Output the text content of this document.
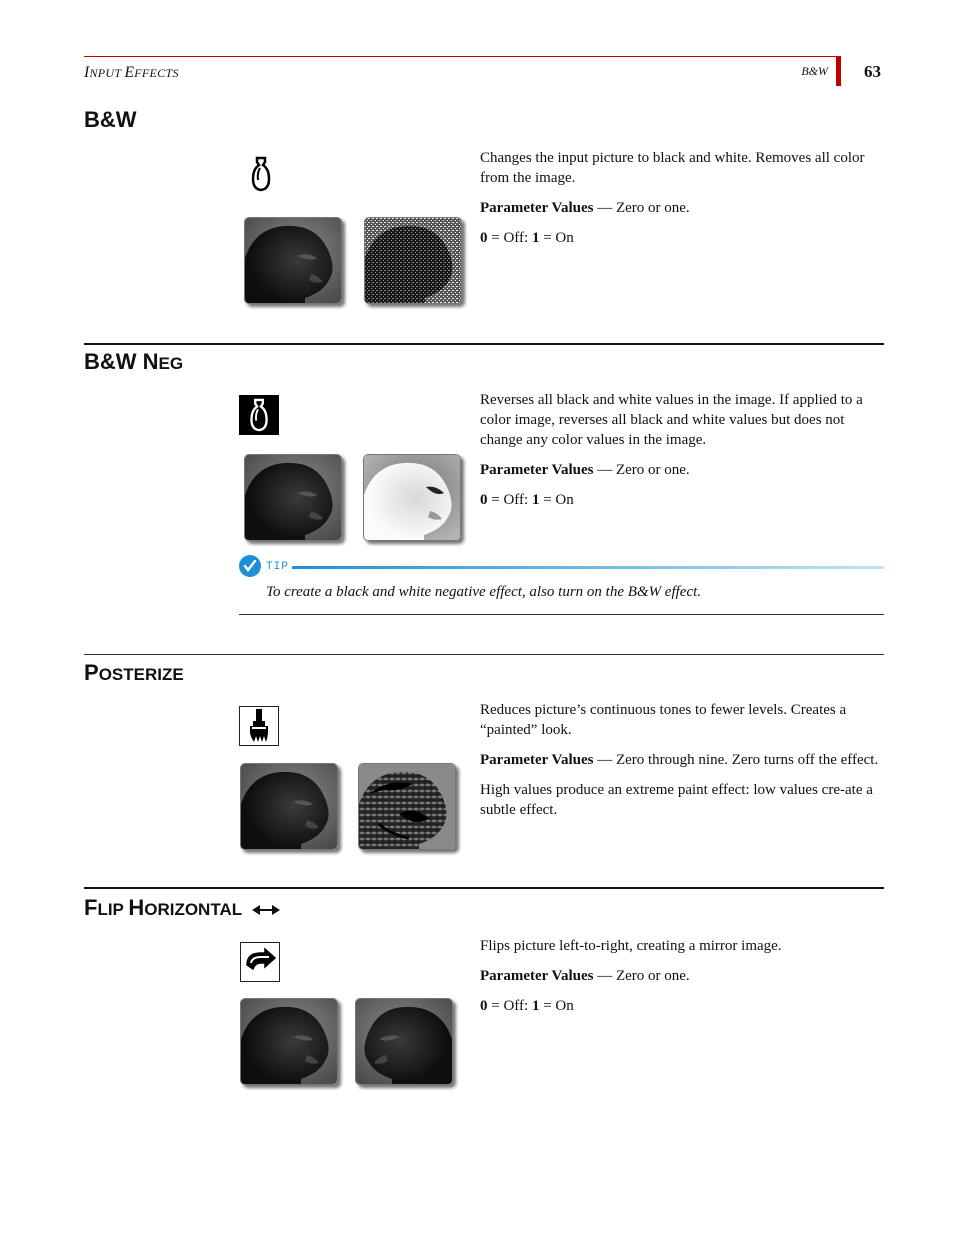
INPUT EFFECTS	B&W 63
B&W

Changes the input picture to black and white. Removes all color from the image.

Parameter Values — Zero or one.

0 = Off: 1 = On

B&W NEG

Reverses all black and white values in the image. If applied to a color image, reverses all black and white values but does not change any color values in the image.

Parameter Values — Zero or one.

0 = Off: 1 = On

TIP
To create a black and white negative effect, also turn on the B&W effect.
POSTERIZE

Reduces picture’s continuous tones to fewer levels. Creates a “painted” look.

Parameter Values — Zero through nine. Zero turns off the effect.

High values produce an extreme paint effect: low values cre-ate a subtle effect.

FLIP HORIZONTAL

Flips picture left-to-right, creating a mirror image.

Parameter Values — Zero or one.

0 = Off: 1 = On
